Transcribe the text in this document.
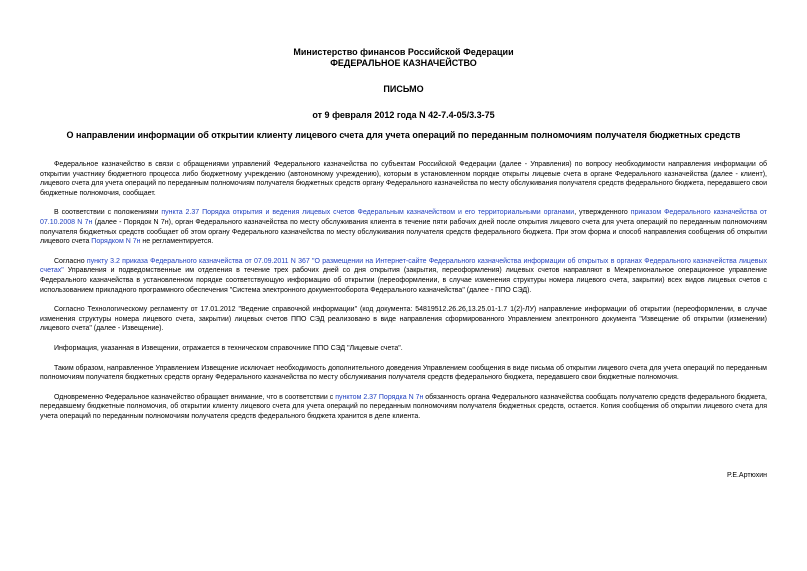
Министерство финансов Российской Федерации
ФЕДЕРАЛЬНОЕ КАЗНАЧЕЙСТВО
ПИСЬМО
от 9 февраля 2012 года N 42-7.4-05/3.3-75
О направлении информации об открытии клиенту лицевого счета для учета операций по переданным полномочиям получателя бюджетных средств

Федеральное казначейство в связи с обращениями управлений Федерального казначейства по субъектам Российской Федерации (далее - Управления) по вопросу необходимости направления информации об открытии участнику бюджетного процесса либо бюджетному учреждению (автономному учреждению), которым в установленном порядке открыты лицевые счета в органе Федерального казначейства (далее - клиент), лицевого счета для учета операций по переданным полномочиям получателя бюджетных средств органу Федерального казначейства по месту обслуживания получателя средств федерального бюджета, передавшего свои бюджетные полномочия, сообщает.

В соответствии с положениями пункта 2.37 Порядка открытия и ведения лицевых счетов Федеральным казначейством и его территориальными органами, утвержденного приказом Федерального казначейства от 07.10.2008 N 7н (далее - Порядок N 7н), орган Федерального казначейства по месту обслуживания клиента в течение пяти рабочих дней после открытия лицевого счета для учета операций по переданным полномочиям получателя бюджетных средств сообщает об этом органу Федерального казначейства по месту обслуживания получателя средств федерального бюджета. При этом форма и способ направления сообщения об открытии лицевого счета Порядком N 7н не регламентируется.

Согласно пункту 3.2 приказа Федерального казначейства от 07.09.2011 N 367 "О размещении на Интернет-сайте Федерального казначейства информации об открытых в органах Федерального казначейства лицевых счетах" Управления и подведомственные им отделения в течение трех рабочих дней со дня открытия (закрытия, переоформления) лицевых счетов направляют в Межрегиональное операционное управление Федерального казначейства в установленном порядке соответствующую информацию об открытии (переоформлении, в случае изменения структуры номера лицевого счета, закрытии) всех видов лицевых счетов с использованием прикладного программного обеспечения "Система электронного документооборота Федерального казначейства" (далее - ППО СЭД).

Согласно Технологическому регламенту от 17.01.2012 "Ведение справочной информации" (код документа: 54819512.26.26,13.25.01-1.7 1(2)-ЛУ) направление информации об открытии (переоформлении, в случае изменения структуры номера лицевого счета, закрытии) лицевых счетов ППО СЭД реализовано в виде направления сформированного Управлением электронного документа "Извещение об открытии (изменении) лицевого счета" (далее - Извещение).

Информация, указанная в Извещении, отражается в техническом справочнике ППО СЭД "Лицевые счета".

Таким образом, направленное Управлением Извещение исключает необходимость дополнительного доведения Управлением сообщения в виде письма об открытии лицевого счета для учета операций по переданным полномочиям получателя бюджетных средств органу Федерального казначейства по месту обслуживания получателя средств федерального бюджета, передавшего свои бюджетные полномочия.

Одновременно Федеральное казначейство обращает внимание, что в соответствии с пунктом 2.37 Порядка N 7н обязанность органа Федерального казначейства сообщать получателю средств федерального бюджета, передавшему бюджетные полномочия, об открытии клиенту лицевого счета для учета операций по переданным полномочиям получателя бюджетных средств, остается. Копия сообщения об открытии лицевого счета для учета операций по переданным полномочиям получателя средств федерального бюджета хранится в деле клиента.

Р.Е.Артюхин
